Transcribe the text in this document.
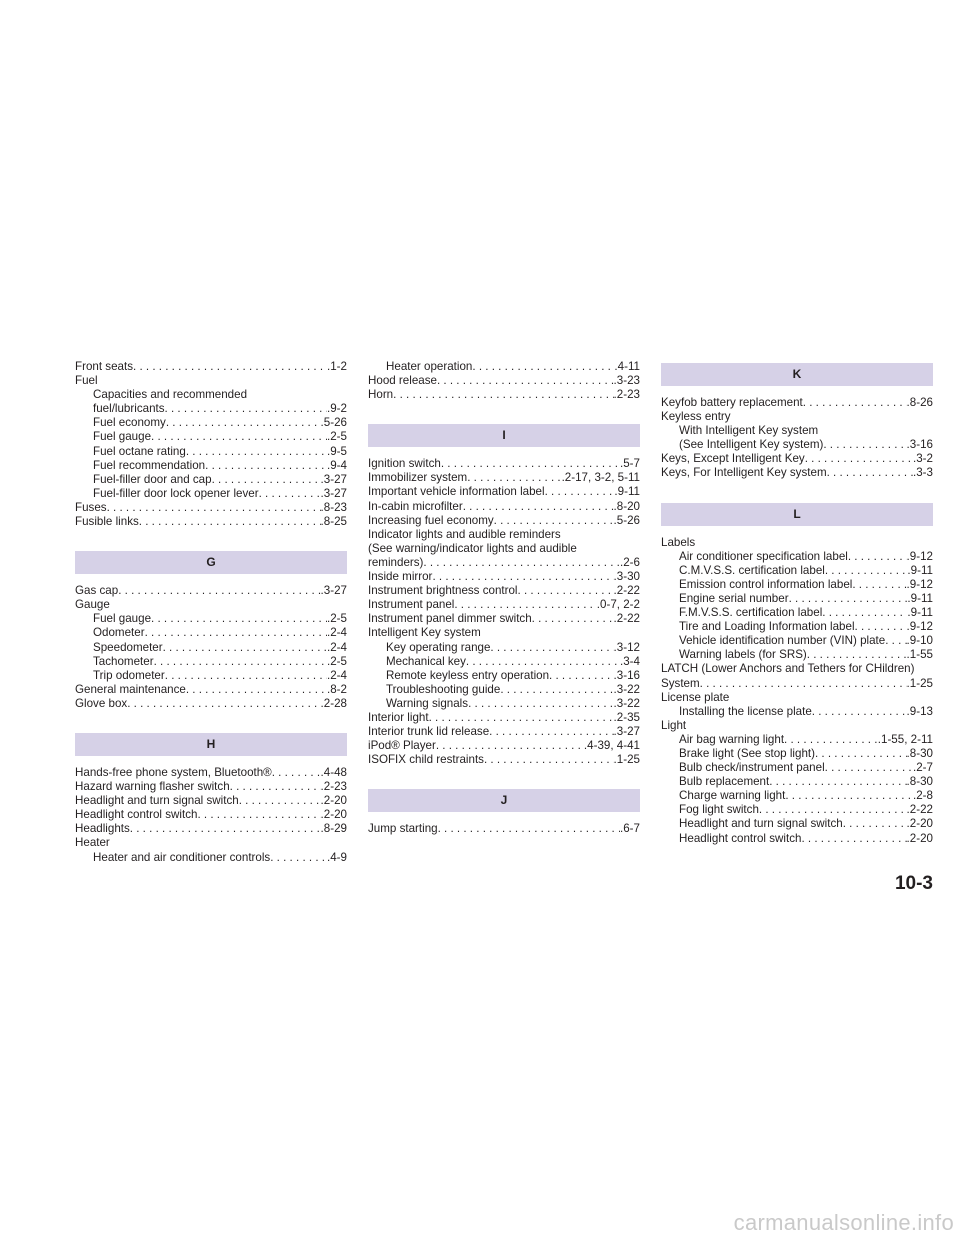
Front seats . . .	. 1-2
Fuel
Capacities and recommended
fuel/lubricants . . .	. 9-2
Fuel economy . . .	. 5-26
Fuel gauge . . .	. 2-5
Fuel octane rating . . .	. 9-5
Fuel recommendation . . .	. 9-4
Fuel-filler door and cap . . .	. 3-27
Fuel-filler door lock opener lever . . .	. 3-27
Fuses . . .	. 8-23
Fusible links . . .	. 8-25
G
Gas cap . . .	. 3-27
Gauge
Fuel gauge . . .	. 2-5
Odometer . . .	. 2-4
Speedometer . . .	. 2-4
Tachometer . . .	. 2-5
Trip odometer . . .	. 2-4
General maintenance . . .	. 8-2
Glove box . . .	. 2-28
H
Hands-free phone system, Bluetooth® . . .	. 4-48
Hazard warning flasher switch . . .	. 2-23
Headlight and turn signal switch . . .	. 2-20
Headlight control switch . . .	. 2-20
Headlights . . .	. 8-29
Heater
Heater and air conditioner controls . . .	. 4-9
Heater operation . . .	. 4-11
Hood release . . .	. 3-23
Horn . . .	. 2-23
I
Ignition switch . . .	. 5-7
Immobilizer system . . .	. 2-17, 3-2, 5-11
Important vehicle information label . . .	. 9-11
In-cabin microfilter . . .	. 8-20
Increasing fuel economy . . .	. 5-26
Indicator lights and audible reminders
(See warning/indicator lights and audible
reminders) . . .	. 2-6
Inside mirror . . .	. 3-30
Instrument brightness control . . .	. 2-22
Instrument panel . . .	. 0-7, 2-2
Instrument panel dimmer switch . . .	. 2-22
Intelligent Key system
Key operating range . . .	. 3-12
Mechanical key . . .	. 3-4
Remote keyless entry operation . . .	. 3-16
Troubleshooting guide . . .	. 3-22
Warning signals . . .	. 3-22
Interior light . . .	. 2-35
Interior trunk lid release . . .	. 3-27
iPod® Player . . .	. 4-39, 4-41
ISOFIX child restraints . . .	. 1-25
J
Jump starting . . .	. 6-7
K
Keyfob battery replacement . . .	. 8-26
Keyless entry
With Intelligent Key system
(See Intelligent Key system) . . .	. 3-16
Keys, Except Intelligent Key . . .	. 3-2
Keys, For Intelligent Key system . . .	. 3-3
L
Labels
Air conditioner specification label . . .	. 9-12
C.M.V.S.S. certification label . . .	. 9-11
Emission control information label . . .	. 9-12
Engine serial number . . .	. 9-11
F.M.V.S.S. certification label . . .	. 9-11
Tire and Loading Information label . . .	. 9-12
Vehicle identification number (VIN) plate . . . . 9-10
Warning labels (for SRS) . . .	. 1-55
LATCH (Lower Anchors and Tethers for CHildren)
System . . .	. 1-25
License plate
Installing the license plate . . .	. 9-13
Light
Air bag warning light . . .	. 1-55, 2-11
Brake light (See stop light) . . .	. 8-30
Bulb check/instrument panel . . .	. 2-7
Bulb replacement . . .	. 8-30
Charge warning light . . .	. 2-8
Fog light switch . . .	. 2-22
Headlight and turn signal switch . . .	. 2-20
Headlight control switch . . .	. 2-20
10-3
carmanualsonline.info
